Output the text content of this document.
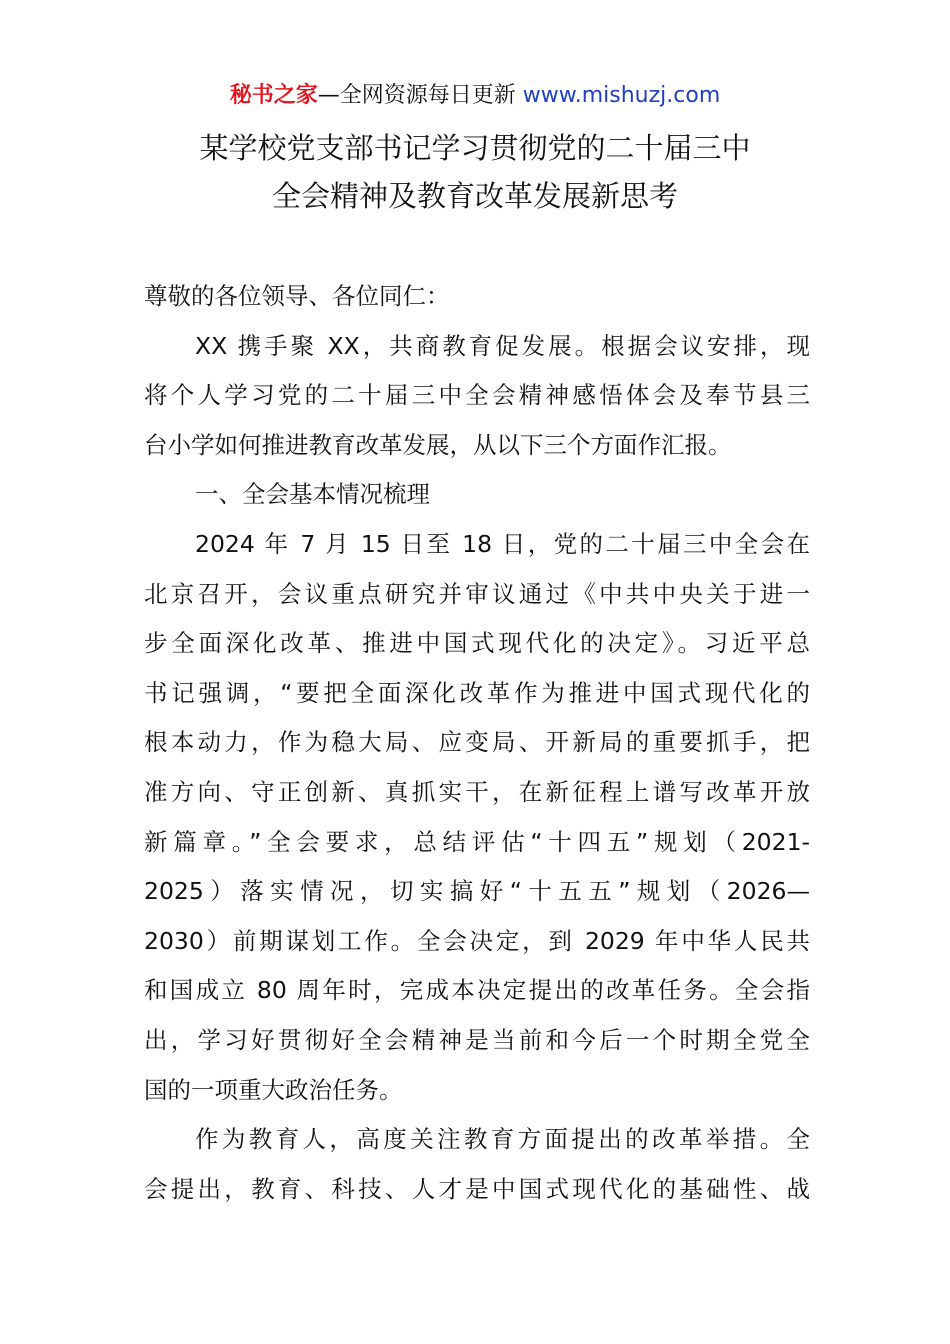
秘书之家—全网资源每日更新 www.mishuzj.com
某学校党支部书记学习贯彻党的二十届三中
全会精神及教育改革发展新思考
尊敬的各位领导、各位同仁：
XX 携手聚 XX，共商教育促发展。根据会议安排，现
将个人学习党的二十届三中全会精神感悟体会及奉节县三
台小学如何推进教育改革发展，从以下三个方面作汇报。
一、全会基本情况梳理
2024 年 7 月 15 日至 18 日，党的二十届三中全会在
北京召开，会议重点研究并审议通过《中共中央关于进一
步全面深化改革、推进中国式现代化的决定》。习近平总
书记强调，“要把全面深化改革作为推进中国式现代化的
根本动力，作为稳大局、应变局、开新局的重要抓手，把
准方向、守正创新、真抓实干，在新征程上谱写改革开放
新篇章。”全会要求，总结评估“十四五”规划（2021-
2025）落实情况，切实搞好“十五五”规划（2026—
2030）前期谋划工作。全会决定，到 2029 年中华人民共
和国成立 80 周年时，完成本决定提出的改革任务。全会指
出，学习好贯彻好全会精神是当前和今后一个时期全党全
国的一项重大政治任务。
作为教育人，高度关注教育方面提出的改革举措。全
会提出，教育、科技、人才是中国式现代化的基础性、战
